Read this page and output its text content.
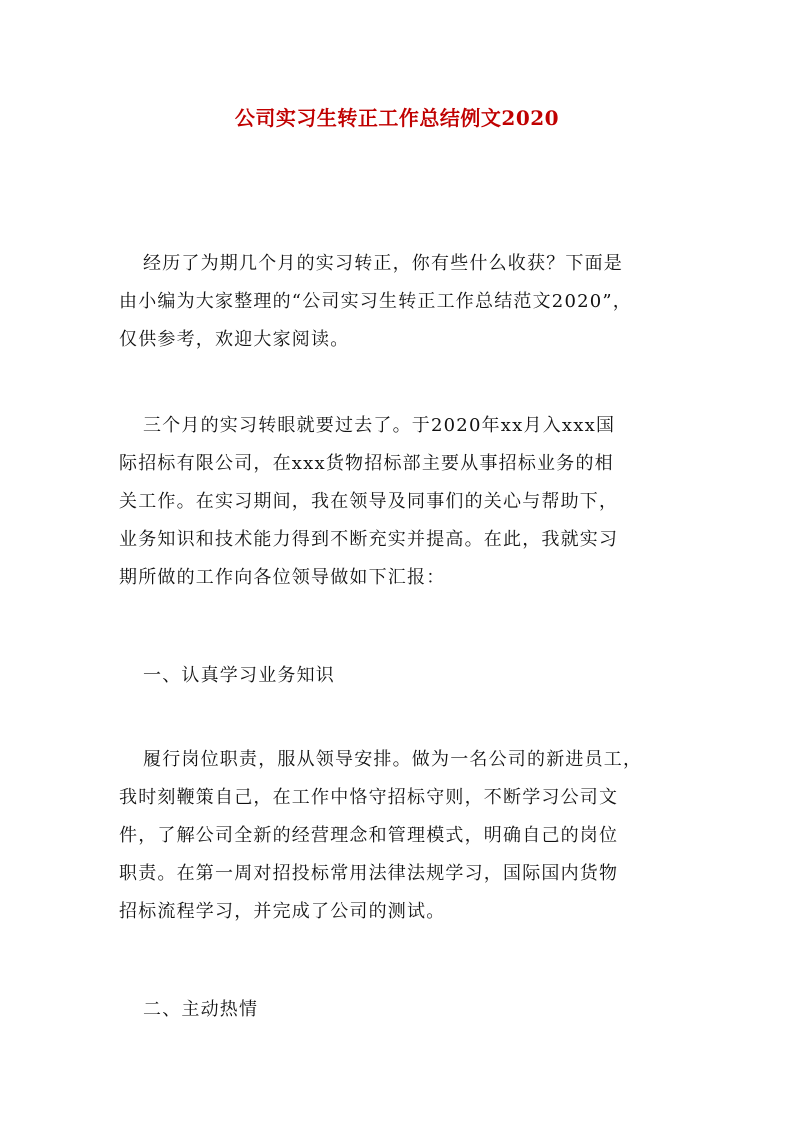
公司实习生转正工作总结例文2020
经历了为期几个月的实习转正，你有些什么收获？下面是
由小编为大家整理的“公司实习生转正工作总结范文2020”，
仅供参考，欢迎大家阅读。
三个月的实习转眼就要过去了。于2020年xx月入xxx国
际招标有限公司，在xxx货物招标部主要从事招标业务的相
关工作。在实习期间，我在领导及同事们的关心与帮助下，
业务知识和技术能力得到不断充实并提高。在此，我就实习
期所做的工作向各位领导做如下汇报：
一、认真学习业务知识
履行岗位职责，服从领导安排。做为一名公司的新进员工，
我时刻鞭策自己，在工作中恪守招标守则，不断学习公司文
件，了解公司全新的经营理念和管理模式，明确自己的岗位
职责。在第一周对招投标常用法律法规学习，国际国内货物
招标流程学习，并完成了公司的测试。
二、主动热情
